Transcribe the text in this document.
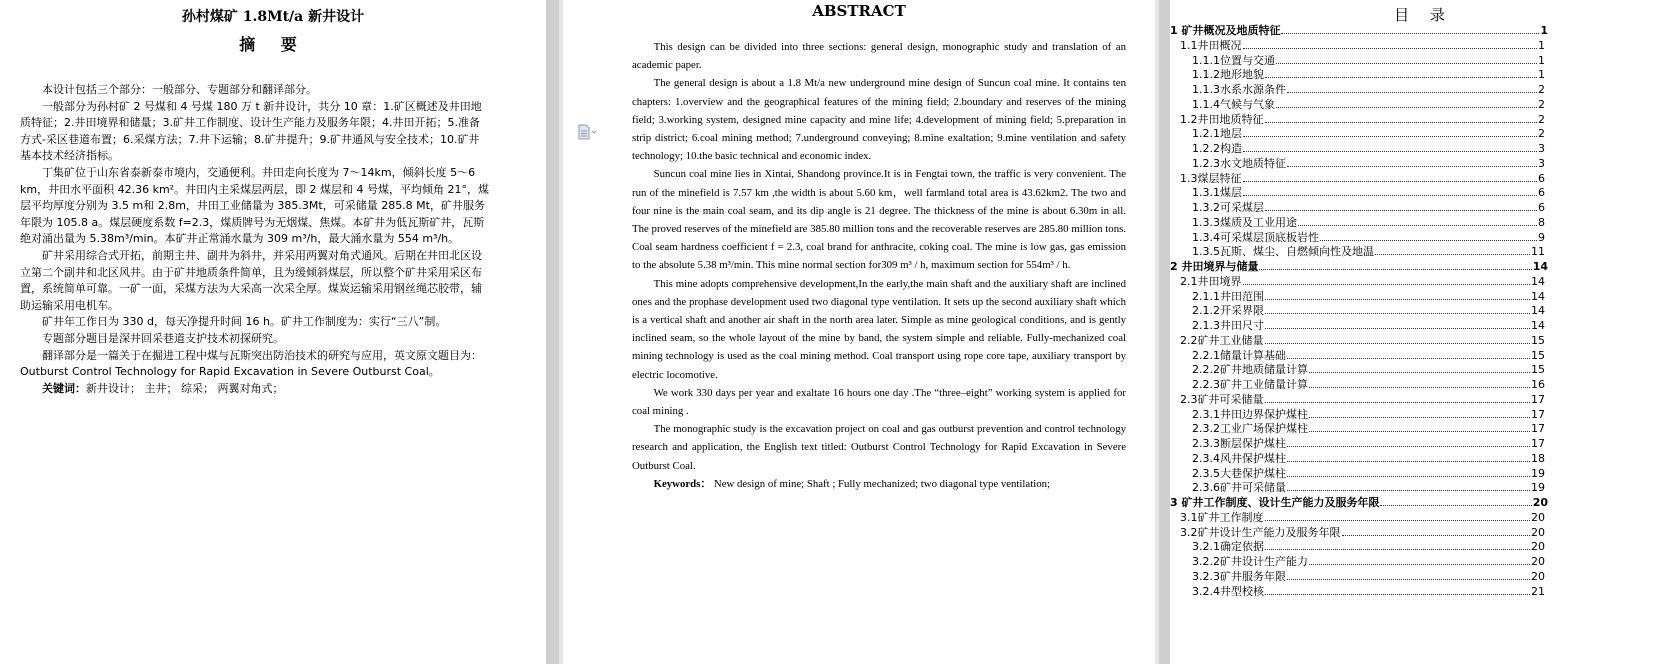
孙村煤矿 1.8Mt/a 新井设计
摘 要

本设计包括三个部分：一般部分、专题部分和翻译部分。

一般部分为孙村矿 2 号煤和 4 号煤 180 万 t 新井设计，共分 10 章：1.矿区概述及井田地质特征；2.井田境界和储量；3.矿井工作制度、设计生产能力及服务年限；4.井田开拓；5.准备方式-采区巷道布置；6.采煤方法；7.井下运输；8.矿井提升；9.矿井通风与安全技术；10.矿井基本技术经济指标。

丁集矿位于山东省泰新泰市境内，交通便利。井田走向长度为 7～14km，倾斜长度 5～6 km，井田水平面积 42.36 km²。井田内主采煤层两层，即 2 煤层和 4 号煤，平均倾角 21°，煤层平均厚度分别为 3.5 m和 2.8m，井田工业储量为 385.3Mt，可采储量 285.8 Mt，矿井服务年限为 105.8 a。煤层硬度系数 f=2.3，煤质牌号为无烟煤、焦煤。本矿井为低瓦斯矿井，瓦斯绝对涌出量为 5.38m³/min。本矿井正常涌水量为 309 m³/h，最大涌水量为 554 m³/h。

矿井采用综合式开拓，前期主井、副井为斜井，并采用两翼对角式通风。后期在井田北区设立第二个副井和北区风井。由于矿井地质条件简单，且为缓倾斜煤层，所以整个矿井采用采区布置，系统简单可靠。一矿一面，采煤方法为大采高一次采全厚。煤炭运输采用钢丝绳芯胶带，辅助运输采用电机车。

矿井年工作日为 330 d，每天净提升时间 16 h。矿井工作制度为：实行“三八”制。

专题部分题目是深井回采巷道支护技术初探研究。

翻译部分是一篇关于在掘进工程中煤与瓦斯突出防治技术的研究与应用，英文原文题目为：Outburst Control Technology for Rapid Excavation in Severe Outburst Coal。

关键词：新井设计； 主井； 综采； 两翼对角式；

ABSTRACT

This design can be divided into three sections: general design, monographic study and translation of an academic paper.

The general design is about a 1.8 Mt/a new underground mine design of Suncun coal mine. It contains ten chapters: 1.overview and the geographical features of the mining field; 2.boundary and reserves of the mining field; 3.working system, designed mine capacity and mine life; 4.development of mining field; 5.preparation in strip district; 6.coal mining method; 7.underground conveying; 8.mine exaltation; 9.mine ventilation and safety technology; 10.the basic technical and economic index.

Suncun coal mine lies in Xintai, Shandong province.It is in Fengtai town, the traffic is very convenient. The run of the minefield is 7.57 km ,the width is about 5.60 km，well farmland total area is 43.62km2. The two and four nine is the main coal seam, and its dip angle is 21 degree. The thickness of the mine is about 6.30m in all. The proved reserves of the minefield are 385.80 million tons and the recoverable reserves are 285.80 million tons. Coal seam hardness coefficient f = 2.3, coal brand for anthracite, coking coal. The mine is low gas, gas emission to the absolute 5.38 m³/min. This mine normal section for309 m³ / h, maximum section for 554m³ / h.

This mine adopts comprehensive development,In the early,the main shaft and the auxiliary shaft are inclined ones and the prophase development used two diagonal type ventilation. It sets up the second auxiliary shaft which is a vertical shaft and another air shaft in the north area later. Simple as mine geological conditions, and is gently inclined seam, so the whole layout of the mine by band, the system simple and reliable. Fully-mechanized coal mining technology is used as the coal mining method. Coal transport using rope core tape, auxiliary transport by electric locomotive.

We work 330 days per year and exaltate 16 hours one day .The “three–eight” working system is applied for coal mining .

The monographic study is the excavation project on coal and gas outburst prevention and control technology research and application, the English text titled: Outburst Control Technology for Rapid Excavation in Severe Outburst Coal.

Keywords： New design of mine; Shaft ; Fully mechanized; two diagonal type ventilation;

目 录
1 矿井概况及地质特征	1
1.1井田概况	1
1.1.1位置与交通	1
1.1.2地形地貌	1
1.1.3水系水源条件	2
1.1.4气候与气象	2
1.2井田地质特征	2
1.2.1地层	2
1.2.2构造	3
1.2.3水文地质特征	3
1.3煤层特征	6
1.3.1煤层	6
1.3.2可采煤层	6
1.3.3煤质及工业用途	8
1.3.4可采煤层顶底板岩性	9
1.3.5瓦斯、煤尘、自燃倾向性及地温	11
2 井田境界与储量	14
2.1井田境界	14
2.1.1井田范围	14
2.1.2开采界限	14
2.1.3井田尺寸	14
2.2矿井工业储量	15
2.2.1储量计算基础	15
2.2.2矿井地质储量计算	15
2.2.3矿井工业储量计算	16
2.3矿井可采储量	17
2.3.1井田边界保护煤柱	17
2.3.2工业广场保护煤柱	17
2.3.3断层保护煤柱	17
2.3.4风井保护煤柱	18
2.3.5大巷保护煤柱	19
2.3.6矿井可采储量	19
3 矿井工作制度、设计生产能力及服务年限	20
3.1矿井工作制度	20
3.2矿井设计生产能力及服务年限	20
3.2.1确定依据	20
3.2.2矿井设计生产能力	20
3.2.3矿井服务年限	20
3.2.4井型校核	21
